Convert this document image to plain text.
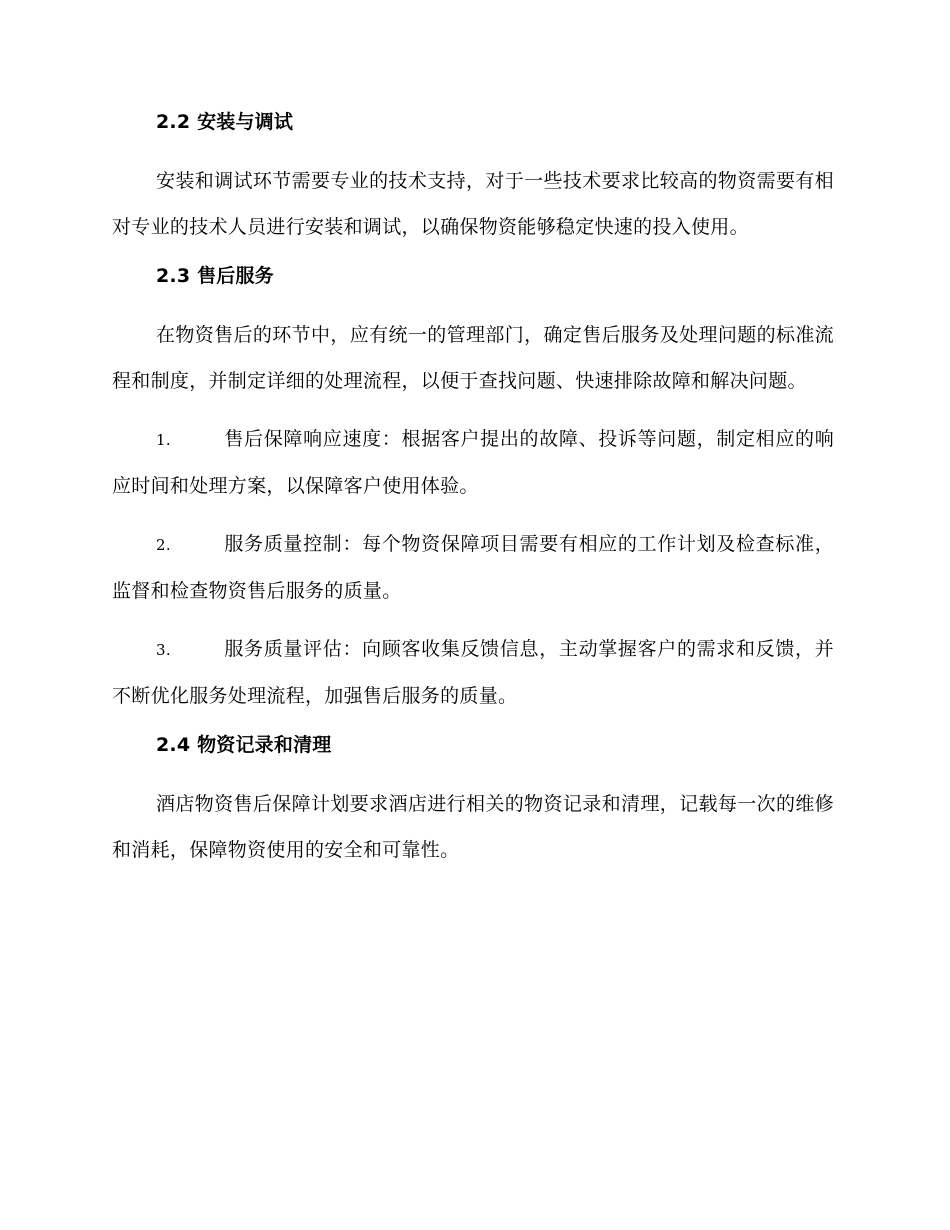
2.2 安装与调试

安装和调试环节需要专业的技术支持，对于一些技术要求比较高的物资需要有相对专业的技术人员进行安装和调试，以确保物资能够稳定快速的投入使用。

2.3 售后服务

在物资售后的环节中，应有统一的管理部门，确定售后服务及处理问题的标准流程和制度，并制定详细的处理流程，以便于查找问题、快速排除故障和解决问题。

1.	售后保障响应速度：根据客户提出的故障、投诉等问题，制定相应的响应时间和处理方案，以保障客户使用体验。

2.	服务质量控制：每个物资保障项目需要有相应的工作计划及检查标准，监督和检查物资售后服务的质量。

3.	服务质量评估：向顾客收集反馈信息，主动掌握客户的需求和反馈，并不断优化服务处理流程，加强售后服务的质量。

2.4 物资记录和清理

酒店物资售后保障计划要求酒店进行相关的物资记录和清理，记载每一次的维修和消耗，保障物资使用的安全和可靠性。
